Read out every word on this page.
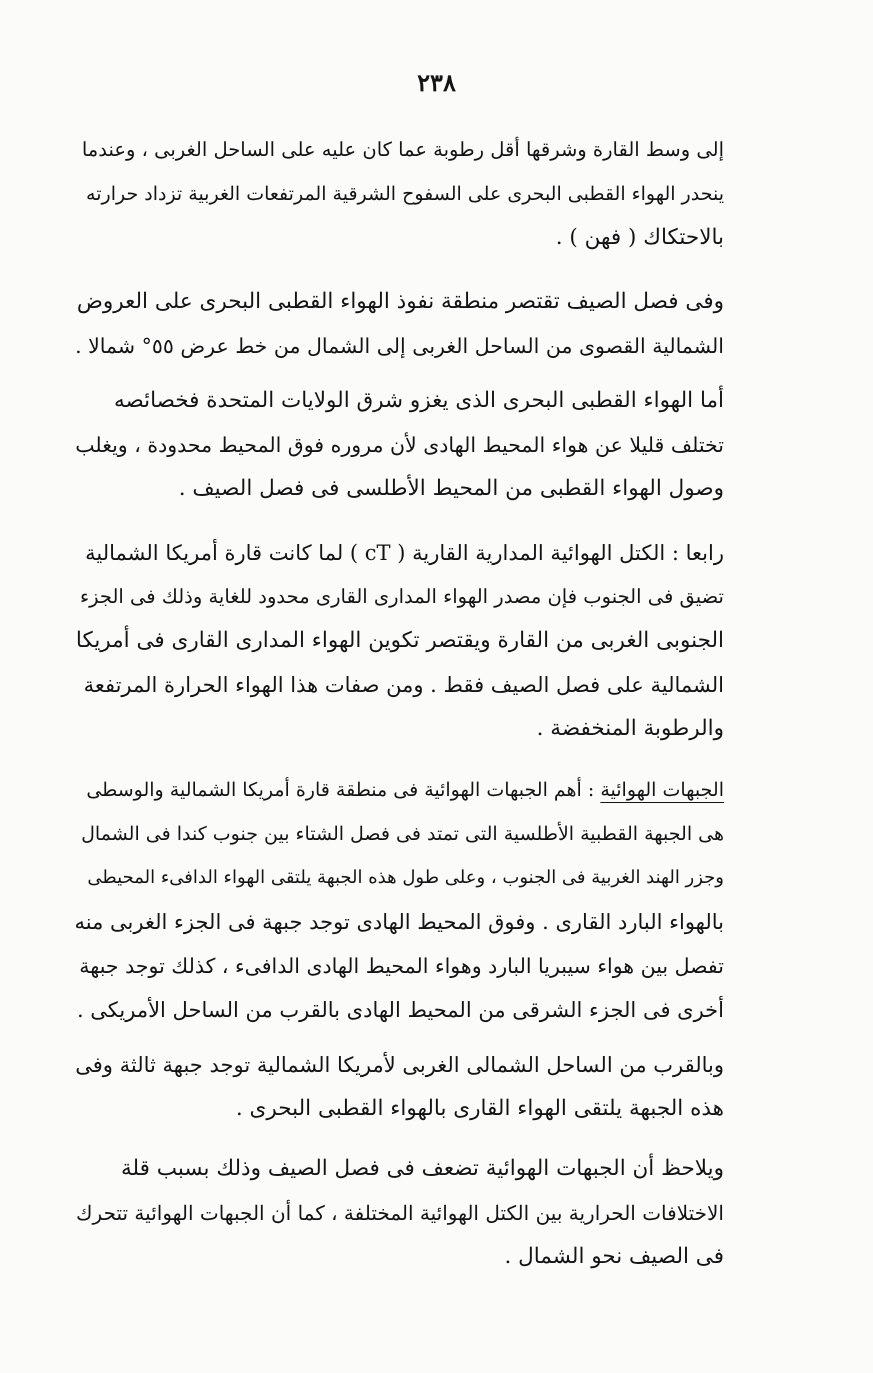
٢٣٨
إلى وسط القارة وشرقها أقل رطوبة عما كان عليه على الساحل الغربى ، وعندما
ينحدر الهواء القطبى البحرى على السفوح الشرقية المرتفعات الغربية تزداد حرارته
بالاحتكاك ( فهن ) .
وفى فصل الصيف تقتصر منطقة نفوذ الهواء القطبى البحرى على العروض
الشمالية القصوى من الساحل الغربى إلى الشمال من خط عرض ٥٥° شمالا .
أما الهواء القطبى البحرى الذى يغزو شرق الولايات المتحدة فخصائصه
تختلف قليلا عن هواء المحيط الهادى لأن مروره فوق المحيط محدودة ، ويغلب
وصول الهواء القطبى من المحيط الأطلسى فى فصل الصيف .
رابعا : الكتل الهوائية المدارية القارية ( cT ) لما كانت قارة أمريكا الشمالية
تضيق فى الجنوب فإن مصدر الهواء المدارى القارى محدود للغاية وذلك فى الجزء
الجنوبى الغربى من القارة ويقتصر تكوين الهواء المدارى القارى فى أمريكا
الشمالية على فصل الصيف فقط . ومن صفات هذا الهواء الحرارة المرتفعة
والرطوبة المنخفضة .
الجبهات الهوائية : أهم الجبهات الهوائية فى منطقة قارة أمريكا الشمالية والوسطى
هى الجبهة القطبية الأطلسية التى تمتد فى فصل الشتاء بين جنوب كندا فى الشمال
وجزر الهند الغربية فى الجنوب ، وعلى طول هذه الجبهة يلتقى الهواء الدافىء المحيطى
بالهواء البارد القارى . وفوق المحيط الهادى توجد جبهة فى الجزء الغربى منه
تفصل بين هواء سيبريا البارد وهواء المحيط الهادى الدافىء ، كذلك توجد جبهة
أخرى فى الجزء الشرقى من المحيط الهادى بالقرب من الساحل الأمريكى .
وبالقرب من الساحل الشمالى الغربى لأمريكا الشمالية توجد جبهة ثالثة وفى
هذه الجبهة يلتقى الهواء القارى بالهواء القطبى البحرى .
ويلاحظ أن الجبهات الهوائية تضعف فى فصل الصيف وذلك بسبب قلة
الاختلافات الحرارية بين الكتل الهوائية المختلفة ، كما أن الجبهات الهوائية تتحرك
فى الصيف نحو الشمال .
